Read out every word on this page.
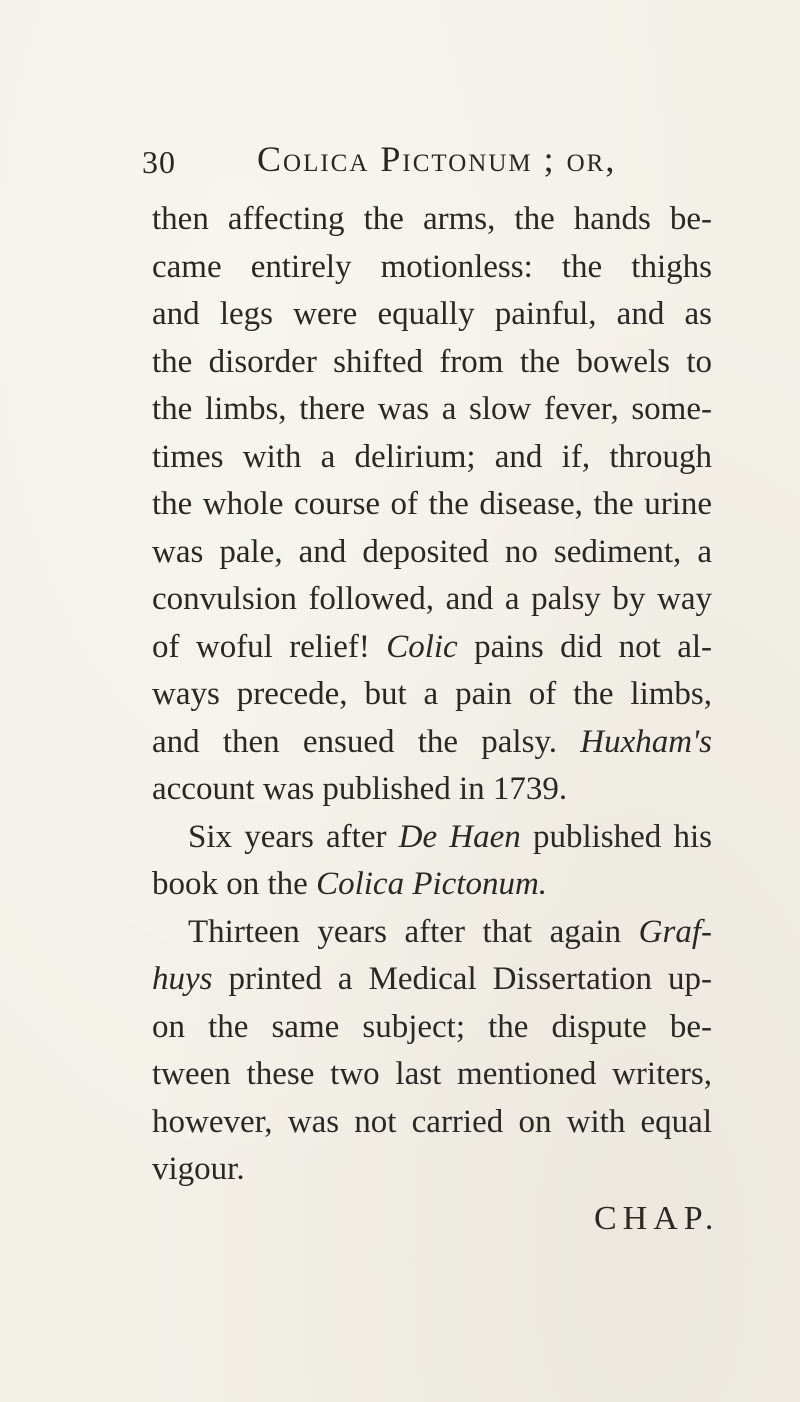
30 Colica Pictonum ; or,
then affecting the arms, the hands be-
came entirely motionless: the thighs
and legs were equally painful, and as
the disorder shifted from the bowels to
the limbs, there was a slow fever, some-
times with a delirium; and if, through
the whole course of the disease, the urine
was pale, and deposited no sediment, a
convulsion followed, and a palsy by way
of woful relief! Colic pains did not al-
ways precede, but a pain of the limbs,
and then ensued the palsy. Huxham's
account was published in 1739.
Six years after De Haen published his
book on the Colica Pictonum.
Thirteen years after that again Graf-
huys printed a Medical Dissertation up-
on the same subject; the dispute be-
tween these two last mentioned writers,
however, was not carried on with equal
vigour.
CHAP.
